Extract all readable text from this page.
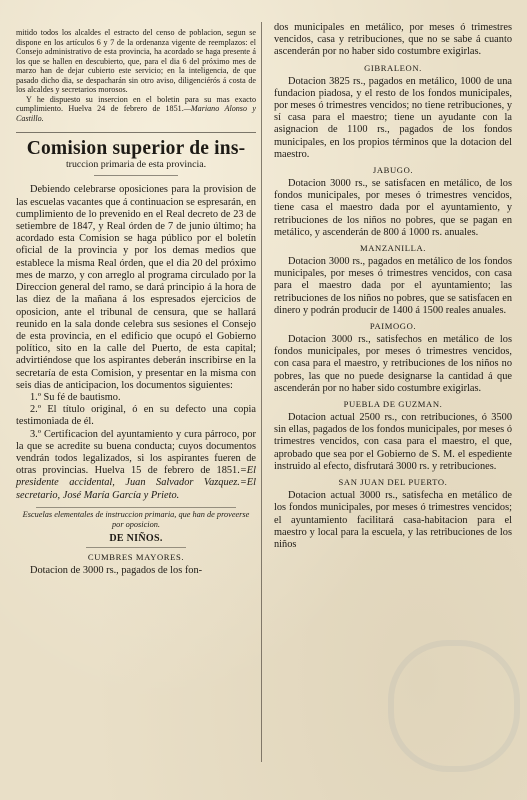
mitido todos los alcaldes el estracto del censo de poblacion, segun se dispone en los artículos 6 y 7 de la ordenanza vigente de reemplazos: el Consejo administrativo de esta provincia, ha acordado se haga presente á los que se hallen en descubierto, que, para el dia 6 del próximo mes de marzo han de dejar cubierto este servicio; en la inteligencia, de que pasado dicho dia, se despacharán sin otro aviso, diligenciérós á costa de los alcaldes y secretarios morosos.

Y he dispuesto su insercion en el boletin para su mas exacto cumplimiento. Huelva 24 de febrero de 1851.—Mariano Alonso y Castillo.

Comision superior de ins-
truccion primaria de esta provincia.

Debiendo celebrarse oposiciones para la provision de las escuelas vacantes que á continuacion se espresarán, en cumplimiento de lo prevenido en el Real decreto de 23 de setiembre de 1847, y Real órden de 7 de junio último; ha acordado esta Comision se haga público por el boletín oficial de la provincia y por los demas medios que establece la misma Real órden, que el dia 20 del próximo mes de marzo, y con arreglo al programa circulado por la Direccion general del ramo, se dará principio á la hora de las diez de la mañana á los espresados ejercicios de oposicion, ante el tribunal de censura, que se hallará reunido en la sala donde celebra sus sesiones el Consejo de esta provincia, en el edificio que ocupó el Gobierno político, sito en la calle del Puerto, de esta capital; advirtiéndose que los aspirantes deberán inscribirse en la secretaría de esta Comision, y presentar en la misma con seis dias de anticipacion, los documentos siguientes:

1.º Su fé de bautismo.

2.º El título original, ó en su defecto una copia testimoniada de él.

3.º Certificacion del ayuntamiento y cura párroco, por la que se acredite su buena conducta; cuyos documentos vendrán todos legalizados, si los aspirantes fueren de otras provincias. Huelva 15 de febrero de 1851.=El presidente accidental, Juan Salvador Vazquez.=El secretario, José María García y Prieto.

Escuelas elementales de instruccion primaria, que han de proveerse por oposicion.
DE NIÑOS.
CUMBRES MAYORES.

Dotacion de 3000 rs., pagados de los fon-

dos municipales en metálico, por meses ó trimestres vencidos, casa y retribuciones, que no se sabe á cuanto ascenderán por no haber sido costumbre exigirlas.

GIBRALEON.

Dotacion 3825 rs., pagados en metálico, 1000 de una fundacion piadosa, y el resto de los fondos municipales, por meses ó trimestres vencidos; no tiene retribuciones, y sí casa para el maestro; tiene un ayudante con la asignacion de 1100 rs., pagados de los fondos municipales, en los propios términos que la dotacion del maestro.

JABUGO.

Dotacion 3000 rs., se satisfacen en metálico, de los fondos municipales, por meses ó trimestres vencidos, tiene casa el maestro dada por el ayuntamiento, y retribuciones de los niños no pobres, que se pagan en metálico, y ascenderán de 800 á 1000 rs. anuales.

MANZANILLA.

Dotacion 3000 rs., pagados en metálico de los fondos municipales, por meses ó trimestres vencidos, con casa para el maestro dada por el ayuntamiento; las retribuciones de los niños no pobres, que se satisfacen en dinero y podrán producir de 1400 á 1500 reales anuales.

PAIMOGO.

Dotacion 3000 rs., satisfechos en metálico de los fondos municipales, por meses ó trimestres vencidos, con casa para el maestro, y retribuciones de los niños no pobres, las que no puede designarse la cantidad á que ascenderán por no haber sido costumbre exigirlas.

PUEBLA DE GUZMAN.

Dotacion actual 2500 rs., con retribuciones, ó 3500 sin ellas, pagados de los fondos municipales, por meses ó trimestres vencidos, con casa para el maestro, el que, aprobado que sea por el Gobierno de S. M. el espediente instruido al efecto, disfrutará 3000 rs. y retribuciones.

SAN JUAN DEL PUERTO.

Dotacion actual 3000 rs., satisfecha en metálico de los fondos municipales, por meses ó trimestres vencidos; el ayuntamiento facilitará casa-habitacion para el maestro y local para la escuela, y las retribuciones de los niños
